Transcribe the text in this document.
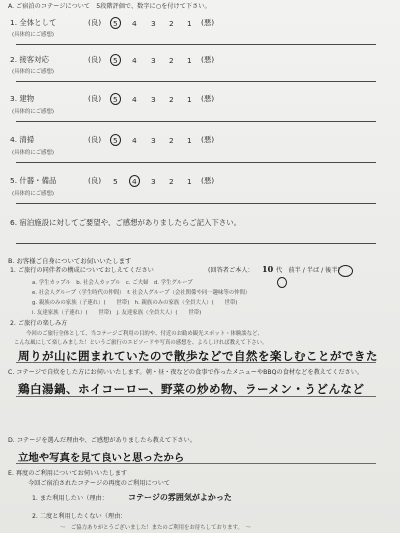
A. ご宿泊のコテージについて　5段階評価で、数字に○を付けて下さい。
1. 全体として	(良) 5 4 3 2 1 (悪)
(具体的にご感想)
2. 接客対応	(良) 5 4 3 2 1 (悪)
(具体的にご感想)
3. 建物	(良) 5 4 3 2 1 (悪)
(具体的にご感想)
4. 清掃	(良) 5 4 3 2 1 (悪)
(具体的にご感想)
5. 什器・備品	(良) 5 4 3 2 1 (悪)
(具体的にご感想)
6. 宿泊施設に対してご要望や、ご感想がありましたらご記入下さい。
B. お客様ご自身についてお伺いいたします
1. ご旅行の同伴者の構成についておしえてください	(回答者ご本人： 10 代　前半 / 半ば / 後半)
a. 学生カップル　b. 社会人カップル　c. ご夫婦　d. 学生グループ
e. 社会人グループ（学生時代の仲間）　f. 社会人グループ（会社関係や同一趣味等の仲間）
g. 親族のみの家族（子連れ）(　　世帯)　h. 親族のみの家族（全員大人）(　　世帯)
i. 友達家族（子連れ）(　　世帯)　j. 友達家族（全員大人）(　　世帯)
2. ご旅行の楽しみ方
今回のご旅行全体として、当コテージご利用の目的や、付近のお勧め観光スポット・体験談など、
こんな風にして楽しみました！というご旅行のエピソードや写真の感想を、よろしければ教えて下さい。
周りが山に囲まれていたので散歩などで自然を楽しむことができた
C. コテージで自炊をした方にお伺いいたします。朝・昼・夜などの食事で作ったメニューやBBQの食材などを教えてください。
鶏白湯鍋、ホイコーロー、野菜の炒め物、ラーメン・うどんなど
D. コテージを選んだ理由や、ご感想がありましたら教えて下さい。
立地や写真を見て良いと思ったから
E. 再度のご利用についてお伺いいたします
今回ご宿泊されたコテージの再度のご利用について
1. また利用したい（理由：	コテージの雰囲気がよかった
2. 二度と利用したくない（理由：
〜　ご協力ありがとうございました！またのご利用をお待ちしております。　〜
